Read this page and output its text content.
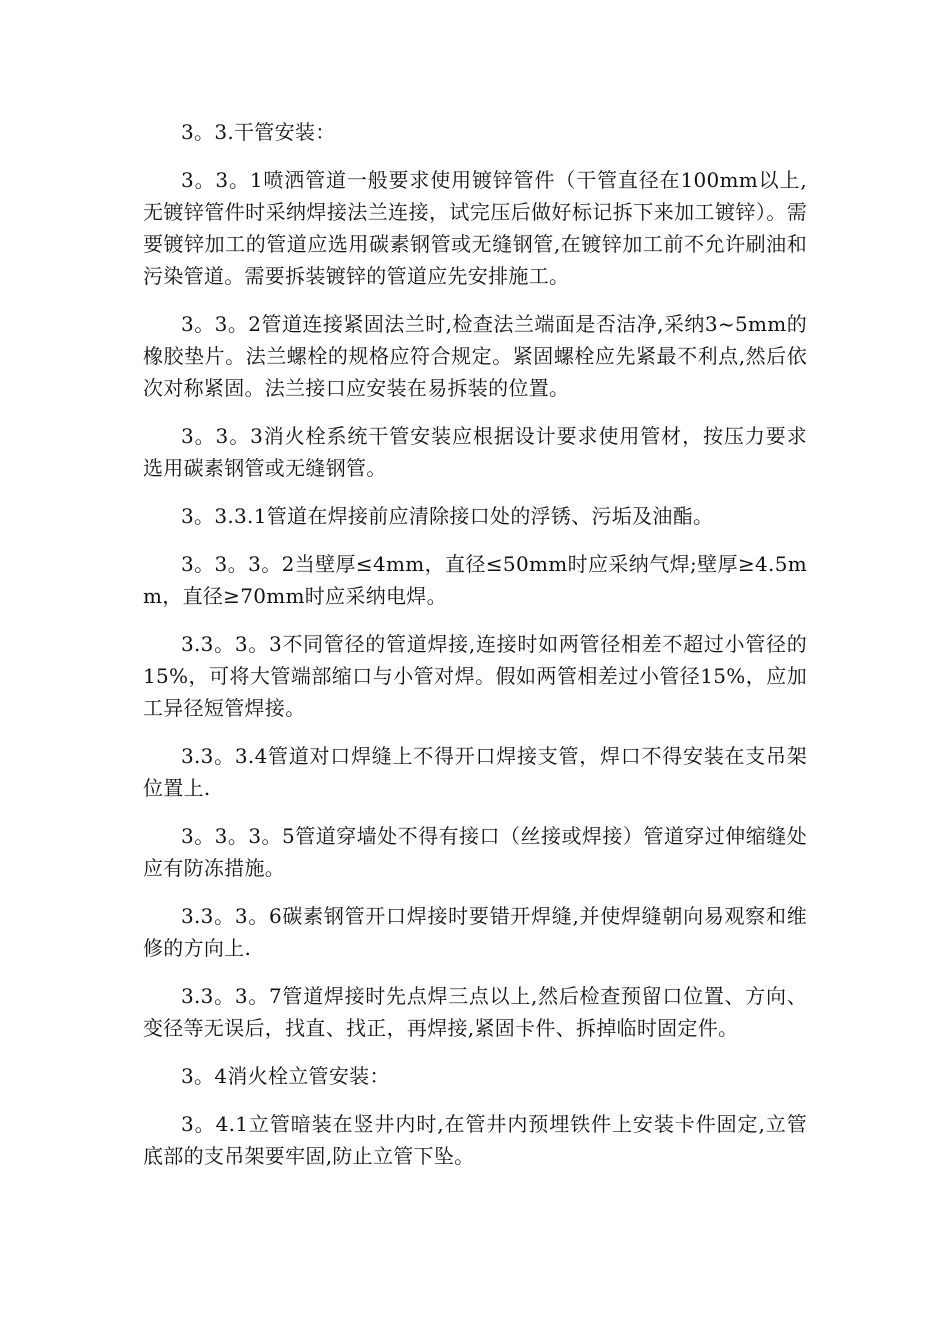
3。3.干管安装：

3。3。1喷洒管道一般要求使用镀锌管件（干管直径在100mm以上,无镀锌管件时采纳焊接法兰连接，试完压后做好标记拆下来加工镀锌）。需要镀锌加工的管道应选用碳素钢管或无缝钢管,在镀锌加工前不允许刷油和污染管道。需要拆装镀锌的管道应先安排施工。

3。3。2管道连接紧固法兰时,检查法兰端面是否洁净,采纳3~5mm的橡胶垫片。法兰螺栓的规格应符合规定。紧固螺栓应先紧最不利点,然后依次对称紧固。法兰接口应安装在易拆装的位置。

3。3。3消火栓系统干管安装应根据设计要求使用管材，按压力要求选用碳素钢管或无缝钢管。

3。3.3.1管道在焊接前应清除接口处的浮锈、污垢及油酯。

3。3。3。2当壁厚≤4mm，直径≤50mm时应采纳气焊;壁厚≥4.5mm，直径≥70mm时应采纳电焊。

3.3。3。3不同管径的管道焊接,连接时如两管径相差不超过小管径的15%，可将大管端部缩口与小管对焊。假如两管相差过小管径15%，应加工异径短管焊接。

3.3。3.4管道对口焊缝上不得开口焊接支管，焊口不得安装在支吊架位置上.

3。3。3。5管道穿墙处不得有接口（丝接或焊接）管道穿过伸缩缝处应有防冻措施。

3.3。3。6碳素钢管开口焊接时要错开焊缝,并使焊缝朝向易观察和维修的方向上.

3.3。3。7管道焊接时先点焊三点以上,然后检查预留口位置、方向、变径等无误后，找直、找正，再焊接,紧固卡件、拆掉临时固定件。

3。4消火栓立管安装：

3。4.1立管暗装在竖井内时,在管井内预埋铁件上安装卡件固定,立管底部的支吊架要牢固,防止立管下坠。
